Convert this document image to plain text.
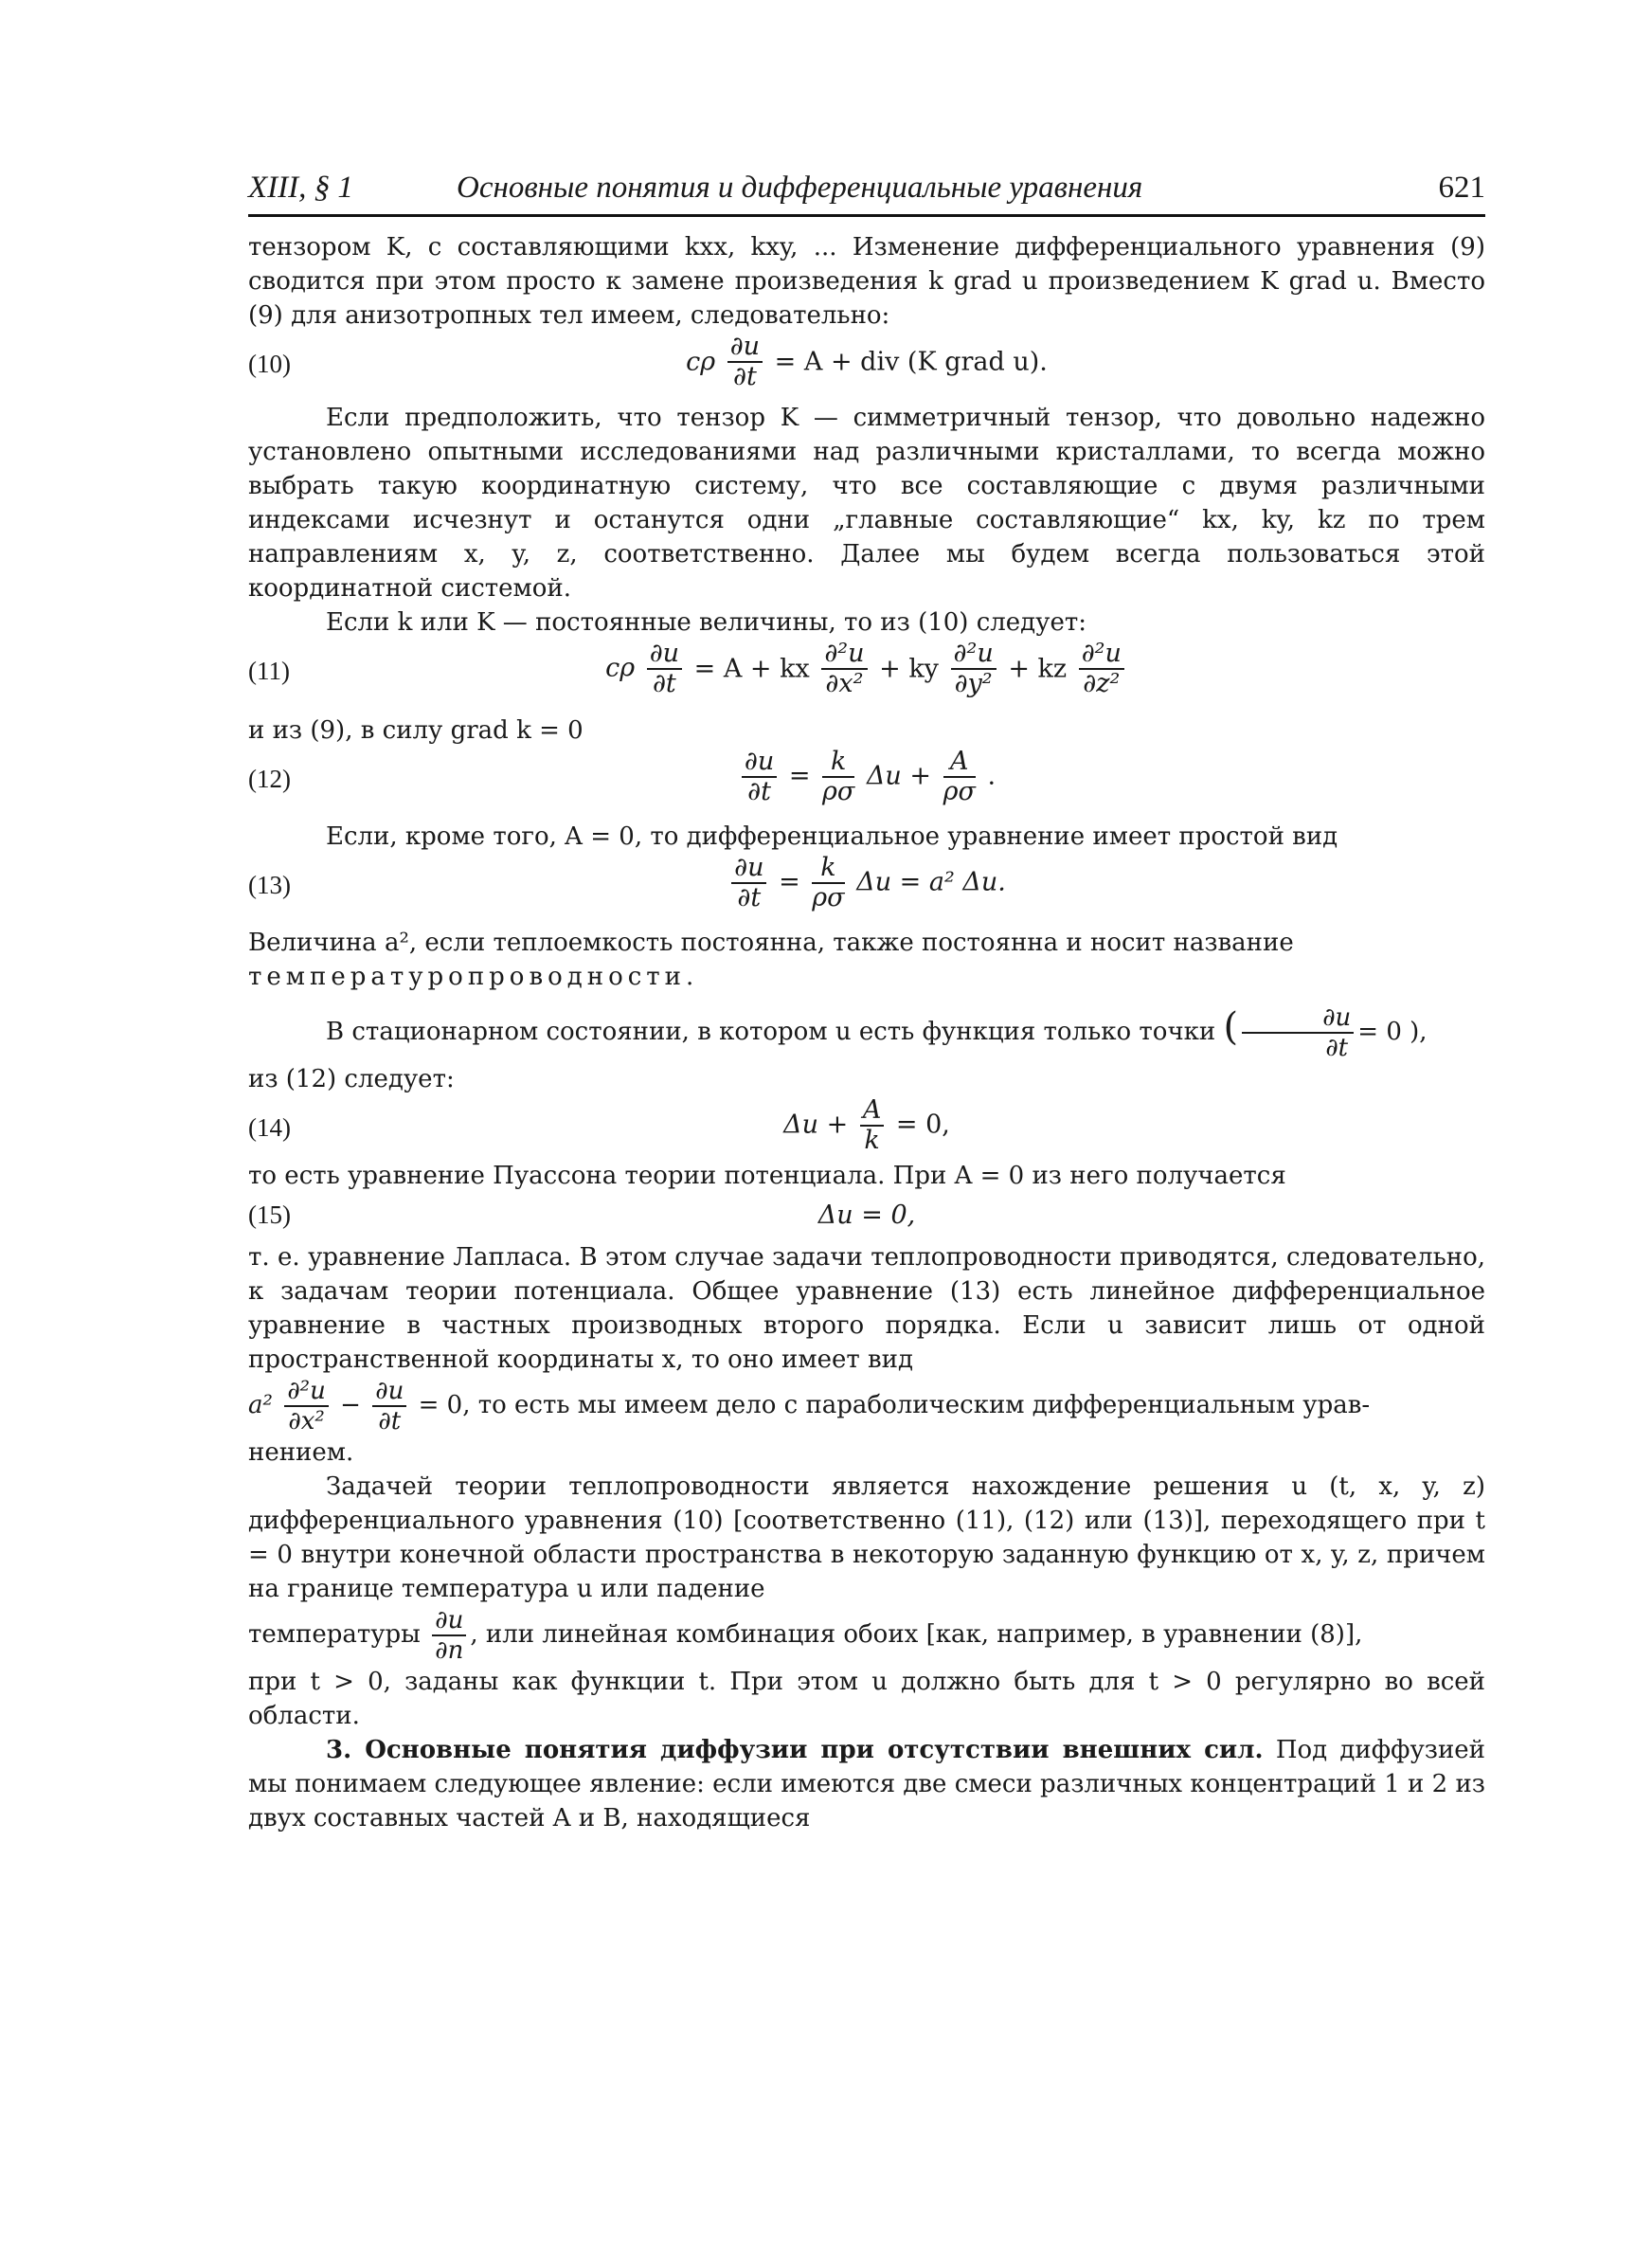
XIII, § 1	Основные понятия и дифференциальные уравнения	621

тензором K, с составляющими kxx, kxy, ... Изменение дифференциального уравнения (9) сводится при этом просто к замене произведения k grad u произведением K grad u. Вместо (9) для анизотропных тел имеем, следовательно:

(10)	cρ $\frac{\partial u}{\partial t} = A$ + div (K grad u).

Если предположить, что тензор K — симметричный тензор, что довольно надежно установлено опытными исследованиями над различными кристаллами, то всегда можно выбрать такую координатную систему, что все составляющие с двумя различными индексами исчезнут и останутся одни „главные составляющие“ kx, ky, kz по трем направлениям x, y, z, соответственно. Далее мы будем всегда пользоваться этой координатной системой.

Если k или K — постоянные величины, то из (10) следует:

(11)	cρ $\frac{\partial u}{\partial t} = A$ + kx $\frac{\text{∂²u}}{\text{∂x²}}$ + ky $\frac{\text{∂²u}}{\text{∂y²}}$ + kz $\frac{\text{∂²u}}{\text{∂z²}}$

и из (9), в силу grad k = 0

(12)	$\frac{\partial u}{\partial t} = \frac{k}{\rho\sigma}$ $\Delta u + \frac{A}{\rho\sigma}$ .

Если, кроме того, A = 0, то дифференциальное уравнение имеет простой вид

(13)	$\frac{\partial u}{\partial t} = \frac{k}{\rho\sigma}$ Δu = a² Δu.

Величина a², если теплоемкость постоянна, также постоянна и носит название
температуропроводности.

В стационарном состоянии, в котором u есть функция только точки ( $\frac{\partial u}{\partial t} = 0$ ),

из (12) следует:

(14)	$\Delta u + \frac{A}{k} = 0$,

то есть уравнение Пуассона теории потенциала. При A = 0 из него получается

(15)	Δu = 0,

т. е. уравнение Лапласа. В этом случае задачи теплопроводности приводятся, следовательно, к задачам теории потенциала. Общее уравнение (13) есть линейное дифференциальное уравнение в частных производных второго порядка. Если u зависит лишь от одной пространственной координаты x, то оно имеет вид

$a^2 \frac{\text{∂²u}}{\text{∂x²}} - \frac{\partial u}{\partial t} = 0$, то есть мы имеем дело с параболическим дифференциальным урав-

нением.

Задачей теории теплопроводности является нахождение решения u (t, x, y, z) дифференциального уравнения (10) [соответственно (11), (12) или (13)], переходящего при t = 0 внутри конечной области пространства в некоторую заданную функцию от x, y, z, причем на границе температура u или падение

температуры $\frac{\partial u}{\partial n}$ , или линейная комбинация обоих [как, например, в уравнении (8)],

при t > 0, заданы как функции t. При этом u должно быть для t > 0 регулярно во всей области.

3. Основные понятия диффузии при отсутствии внешних сил. Под диффузией мы понимаем следующее явление: если имеются две смеси различных концентраций 1 и 2 из двух составных частей A и B, находящиеся
